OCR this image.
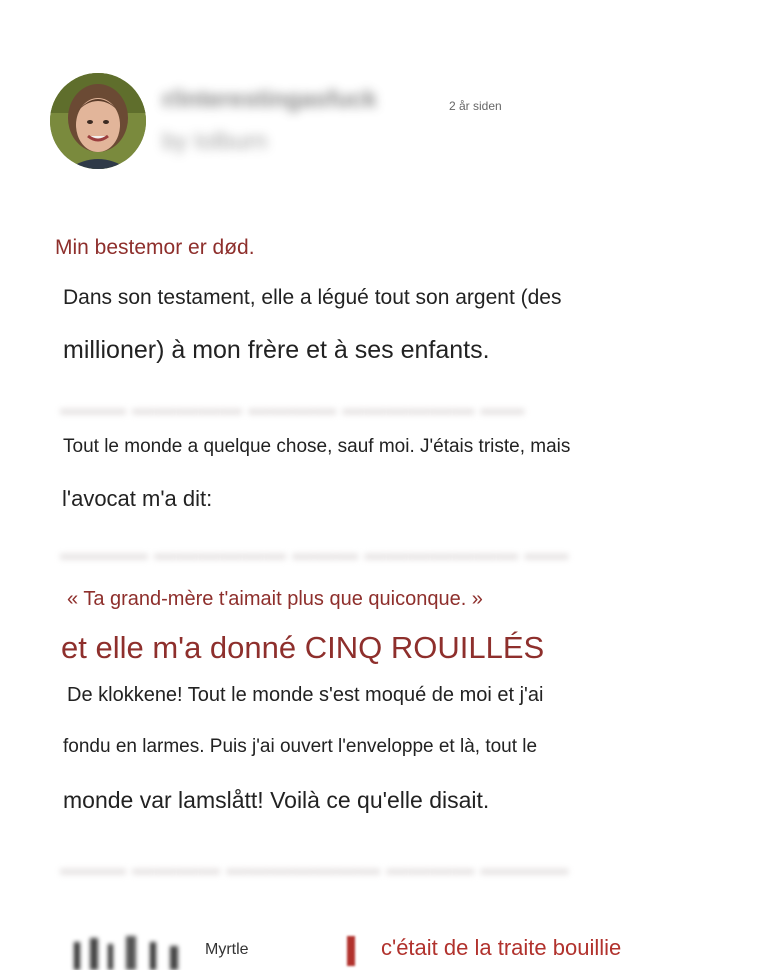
▬▬▬ ▬▬▬▬▬ ▬▬▬▬ ▬▬▬▬▬▬ ▬▬
▬▬▬▬ ▬▬▬▬▬▬ ▬▬▬ ▬▬▬▬▬▬▬ ▬▬
▬▬▬ ▬▬▬▬ ▬▬▬▬▬▬▬ ▬▬▬▬ ▬▬▬▬
r/interestingasfuck
by Iolburn
2 år siden
Min bestemor er død.
Dans son testament, elle a légué tout son argent (des
millioner) à mon frère et à ses enfants.
Tout le monde a quelque chose, sauf moi. J'étais triste, mais
l'avocat m'a dit:
« Ta grand-mère t'aimait plus que quiconque. »
et elle m'a donné CINQ ROUILLÉS
De klokkene! Tout le monde s'est moqué de moi et j'ai
fondu en larmes. Puis j'ai ouvert l'enveloppe et là, tout le
monde var lamslått! Voilà ce qu'elle disait.
Myrtle	c'était de la traite bouillie
